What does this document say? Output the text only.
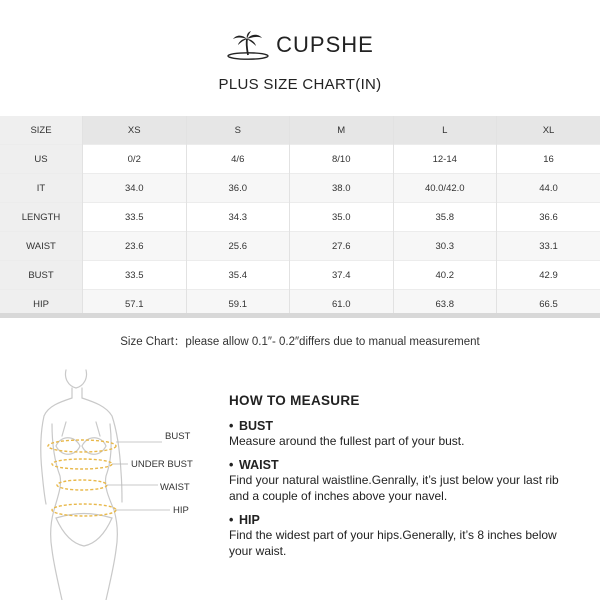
CUPSHE
PLUS SIZE CHART(IN)
SIZE	XS	S	M	L	XL
US	0/2	4/6	8/10	12-14	16
IT	34.0	36.0	38.0	40.0/42.0	44.0
LENGTH	33.5	34.3	35.0	35.8	36.6
WAIST	23.6	25.6	27.6	30.3	33.1
BUST	33.5	35.4	37.4	40.2	42.9
HIP	57.1	59.1	61.0	63.8	66.5
Size Chart：please allow 0.1″- 0.2″differs due to manual measurement
BUST
UNDER BUST
WAIST
HIP
HOW TO MEASURE
• BUST
Measure around the fullest part of your bust.
• WAIST
Find your natural waistline.Genrally, it’s just below your last rib and a couple of inches above your navel.
• HIP
Find the widest part of your hips.Generally, it’s 8 inches below your waist.
